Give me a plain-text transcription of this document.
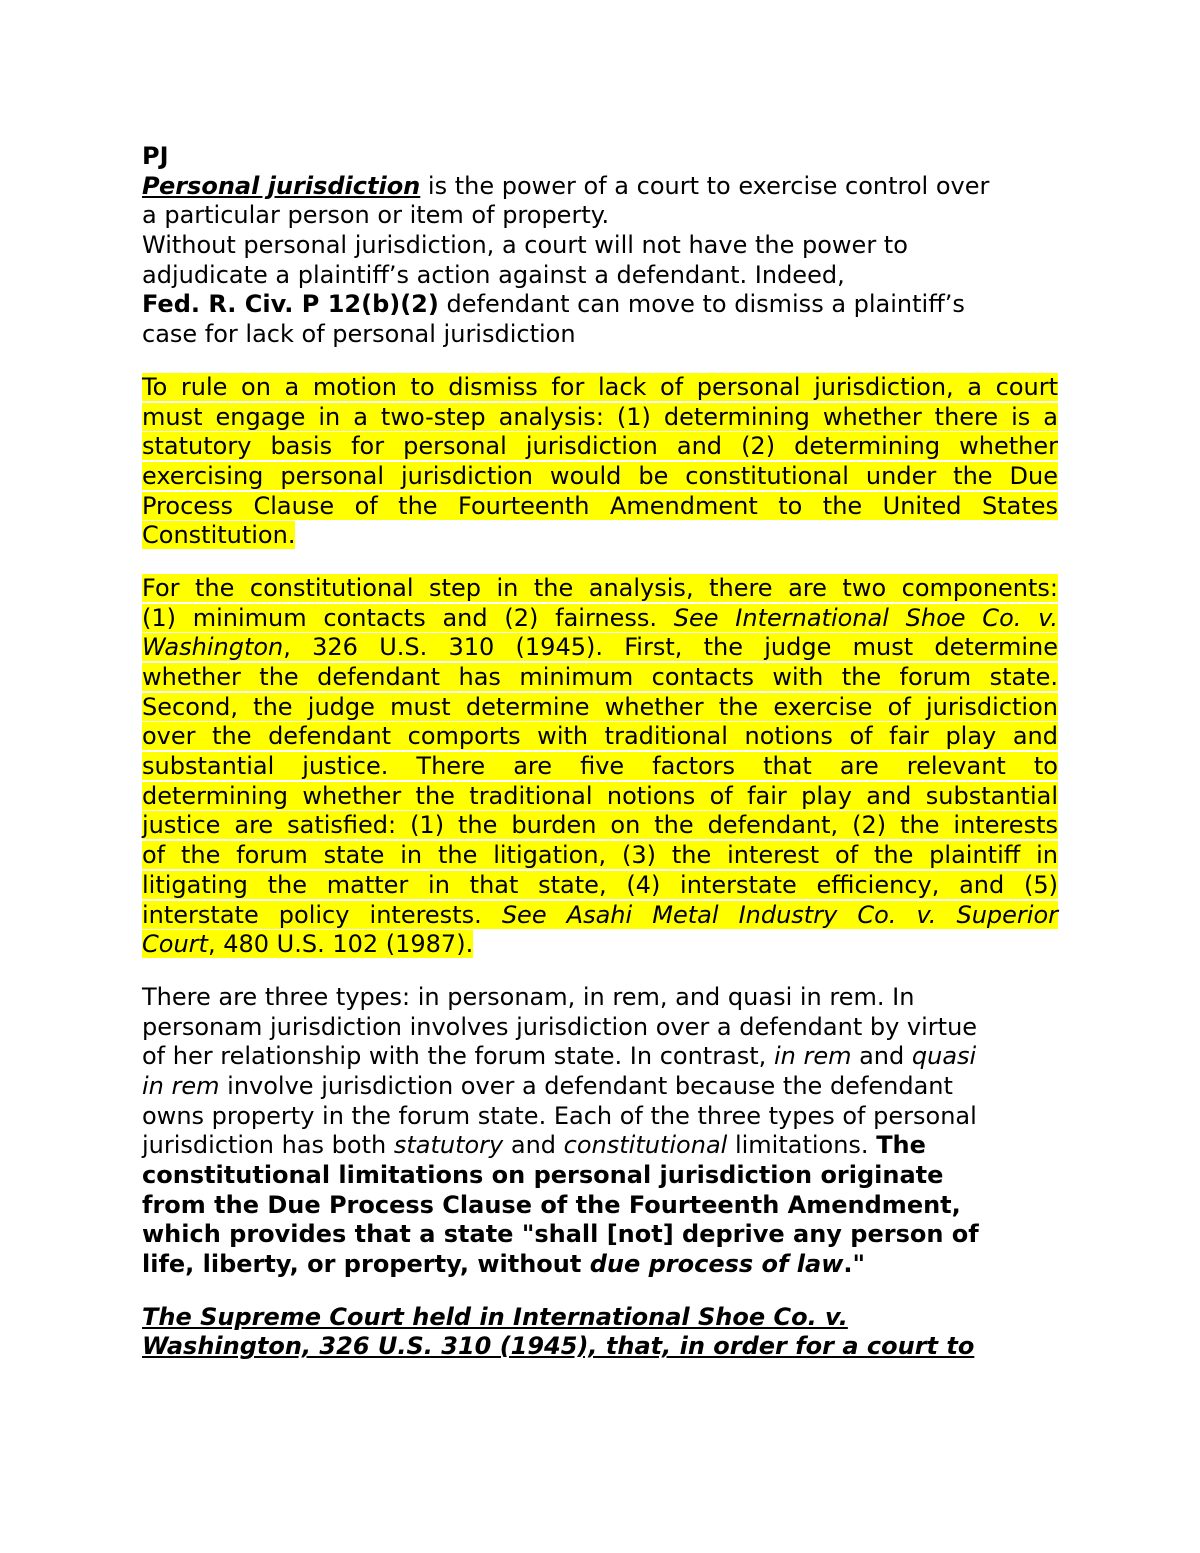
PJ
Personal jurisdiction is the power of a court to exercise control over
a particular person or item of property.
Without personal jurisdiction, a court will not have the power to
adjudicate a plaintiff’s action against a defendant. Indeed,
Fed. R. Civ. P 12(b)(2) defendant can move to dismiss a plaintiff’s
case for lack of personal jurisdiction
To rule on a motion to dismiss for lack of personal jurisdiction, a court
must engage in a two-step analysis: (1) determining whether there is a
statutory basis for personal jurisdiction and (2) determining whether
exercising personal jurisdiction would be constitutional under the Due
Process Clause of the Fourteenth Amendment to the United States
Constitution.
For the constitutional step in the analysis, there are two components:
(1) minimum contacts and (2) fairness. See International Shoe Co. v.
Washington, 326 U.S. 310 (1945). First, the judge must determine
whether the defendant has minimum contacts with the forum state.
Second, the judge must determine whether the exercise of jurisdiction
over the defendant comports with traditional notions of fair play and
substantial justice. There are five factors that are relevant to
determining whether the traditional notions of fair play and substantial
justice are satisfied: (1) the burden on the defendant, (2) the interests
of the forum state in the litigation, (3) the interest of the plaintiff in
litigating the matter in that state, (4) interstate efficiency, and (5)
interstate policy interests. See Asahi Metal Industry Co. v. Superior
Court, 480 U.S. 102 (1987).
There are three types: in personam, in rem, and quasi in rem. In
personam jurisdiction involves jurisdiction over a defendant by virtue
of her relationship with the forum state. In contrast, in rem and quasi
in rem involve jurisdiction over a defendant because the defendant
owns property in the forum state. Each of the three types of personal
jurisdiction has both statutory and constitutional limitations. The
constitutional limitations on personal jurisdiction originate
from the Due Process Clause of the Fourteenth Amendment,
which provides that a state "shall [not] deprive any person of
life, liberty, or property, without due process of law."
The Supreme Court held in International Shoe Co. v.
Washington, 326 U.S. 310 (1945), that, in order for a court to
